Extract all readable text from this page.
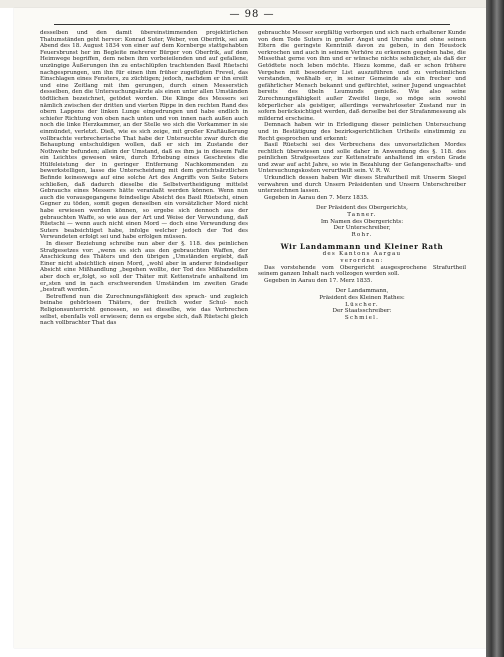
— 98 —

desselben und den damit übereinstimmenden projektirlichen Thatumständen geht hervor: Konrad Suter, Weber, von Oberfrik, sei am Abend des 18. August 1834 von einer auf dem Kornberge stattgehabten Feuersbrunst her im Begleite mehrerer Bürger von Oberfrik, auf dem Heimwege begriffen, dem neben ihm vorbeieilenden und auf gefallene, unzüngige Äußerungen ihn zu entschlüpfen trachtenden Basil Rüetschi nachgesprungen, um ihn für einen ihm früher zugefügten Frevel, das Einschlagen eines Fensters, zu züchtigen; jedoch, nachdem er ihn ereilt und eine Zeitlang mit ihm gerungen, durch einen Messerstich desselben, den die Untersuchungsärzte als einen unter allen Umständen tödtlichen bezeichnet, getödet worden. Die Klinge des Messers sei nämlich zwischen der dritten und vierten Rippe in den rechten Rand des obern Lappens der linken Lunge eingedrungen und habe endlich in schiefer Richtung von oben nach unten und von innen nach außen auch noch die linke Herzkammer, an der Stelle wo sich die Vorkammer in sie einmündet, verletzt. Dieß, wie es sich zeige, mit großer Kraftäußerung vollbrachte verbrecherische That habe der Untersuchte zwar durch die Behauptung entschuldigen wollen, daß er sich im Zustande der Nothwehr befunden; allein der Umstand, daß es ihm ja in diesem Falle ein Leichtes gewesen wäre, durch Erhebung eines Geschreies die Hülfeleistung der in geringer Entfernung Nachkommenden zu bewerkstelligen, lasse die Unterscheidung mit dem gerichtsärztlichen Befinde keineswegs auf eine solche Art des Angriffs von Seite Suters schließen, daß dadurch dieselbe die Selbstvertheidigung mittelst Gebrauchs eines Messers hätte veranlaßt werden können. Wenn nun auch die vorausgegangene feindselige Absicht des Basil Rüetschi, einen Gegner zu töden, somit gegen denselben ein vorsätzlicher Mord nicht habe erwiesen werden können, so ergebe sich dennoch aus der gebrauchten Waffe, so wie aus der Art und Weise der Verwundung, daß Rüetschi — wenn auch nicht einen Mord — doch eine Verwundung des Suters beabsichtiget habe, infolge welcher jedoch der Tod des Verwundeten erfolgt sei und habe erfolgen müssen.

In dieser Beziehung schreibe nun aber der §. 118. des peinlichen Strafgesetzes vor: „wenn es sich aus den gebrauchten Waffen, der Anschickung des Thäters und den übrigen „Umständen ergiebt, daß Einer nicht absichtlich einen Mord, „wohl aber in anderer feindseliger Absicht eine Mißhandlung „begehen wollte, der Tod des Mißhandelten aber doch er„folgt, so soll der Thäter mit Kettenstrafe anhaltend im er„sten und in nach erschwerenden Umständen im zweiten Grade „bestraft werden.“

Betreffend nun die Zurechnungsfähigkeit des sprach- und zugleich beinahe gehörlosen Thäters, der freilich weder Schul- noch Religionsunterricht genossen, so sei dieselbe, wie das Verbrechen selbst, ebenfalls voll erwiesen; denn es ergebe sich, daß Rüetschi gleich nach vollbrachter That das

gebrauchte Messer sorgfältig verborgen und sich nach erhaltener Kunde von dem Tode Suters in großer Angst und Unruhe und ohne seinen Eltern die geringste Kenntniß davon zu geben, in den Heustock verkrochen und auch in seinem Verhöre zu erkennen gegeben habe, die Missethat gerne von ihm und er wünsche nichts sehnlicher, als daß der Getödtete noch leben möchte. Hiezu komme, daß er schon frühere Vergehen mit besonderer List auszuführen und zu verheimlichen verstanden, weßhalb er, in seiner Gemeinde als ein frecher und gefährlicher Mensch bekannt und gefürchtet, seiner Jugend ungeachtet bereits des übeln Leumunds genieße. Wie also seine Zurechnungsfähigkeit außer Zweifel liege, so möge sein sowohl körperlicher als geistiger, allerdings verwahrloseter Zustand nur in sofern berücksichtiget werden, daß derselbe bei der Strafanmessung als mildernd erscheine.

Demnach haben wir in Erledigung dieser peinlichen Untersuchung und in Bestätigung des bezirksgerichtlichen Urtheils einstimmig zu Recht gesprochen und erkennt:

Basil Rüetschi sei des Verbrechens des unvorsetzlichen Mordes rechtlich überwiesen und solle daher in Anwendung des §. 118. des peinlichen Strafgesetzes zur Kettenstrafe anhaltend im ersten Grade und zwar auf acht Jahre, so wie in Bezahlung der Gefangenschafts- und Untersuchungskosten verurtheilt sein. V. R. W.

Urkundlich dessen haben Wir dieses Strafurtheil mit Unserm Siegel verwahren und durch Unsern Präsidenten und Unsern Unterschreiber unterzeichnen lassen.

Gegeben in Aarau den 7. Merz 1835.

Der Präsident des Obergerichts,

Tanner.

Im Namen des Obergerichts:

Der Unterschreiber,

Rohr.

Wir Landammann und Kleiner Rath

des Kantons Aargau

verordnen:

Das vorstehende vom Obergericht ausgesprochene Strafurtheil seinem ganzen Inhalt nach vollzogen werden soll.

Gegeben in Aarau den 17. Merz 1835.

Der Landammann,

Präsident des Kleinen Rathes:

Lüscher.

Der Staatsschreiber:

Schmiel.
